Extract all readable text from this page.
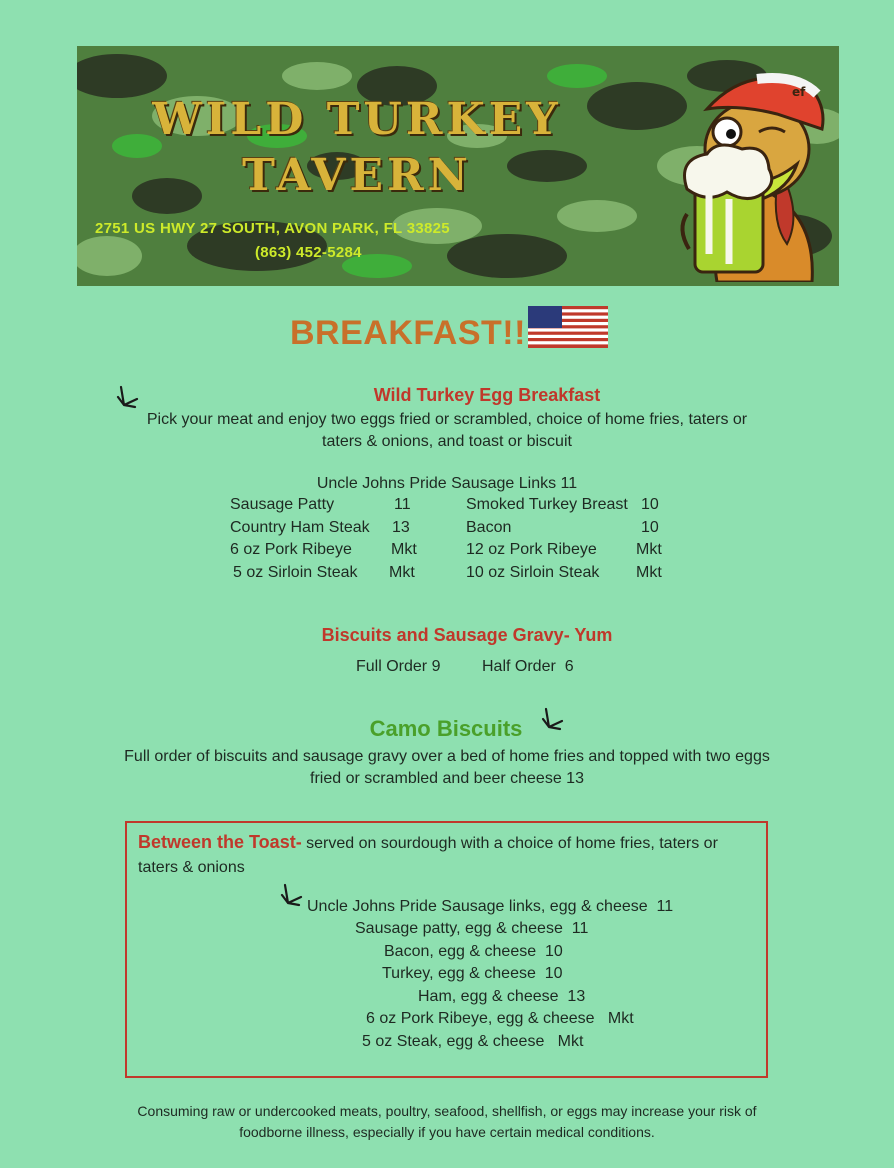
WILD TURKEY
TAVERN
2751 US HWY 27 SOUTH, AVON PARK, FL 33825
(863) 452-5284
ef
BREAKFAST!!
Wild Turkey Egg Breakfast
Pick your meat and enjoy two eggs fried or scrambled, choice of home fries, taters or
taters & onions, and toast or biscuit
Uncle Johns Pride Sausage Links 11
Sausage Patty	11
Country Ham Steak 13
6 oz Pork Ribeye Mkt
5 oz Sirloin Steak Mkt
Smoked Turkey Breast 10
Bacon	10
12 oz Pork Ribeye Mkt
10 oz Sirloin Steak Mkt
Biscuits and Sausage Gravy- Yum
Full Order 9	Half Order  6
Camo Biscuits
Full order of biscuits and sausage gravy over a bed of home fries and topped with two eggs
fried or scrambled and beer cheese 13
Between the Toast- served on sourdough with a choice of home fries, taters or
taters & onions
Uncle Johns Pride Sausage links, egg & cheese  11
Sausage patty, egg & cheese  11
Bacon, egg & cheese  10
Turkey, egg & cheese  10
Ham, egg & cheese  13
6 oz Pork Ribeye, egg & cheese   Mkt
5 oz Steak, egg & cheese   Mkt
Consuming raw or undercooked meats, poultry, seafood, shellfish, or eggs may increase your risk of
foodborne illness, especially if you have certain medical conditions.
